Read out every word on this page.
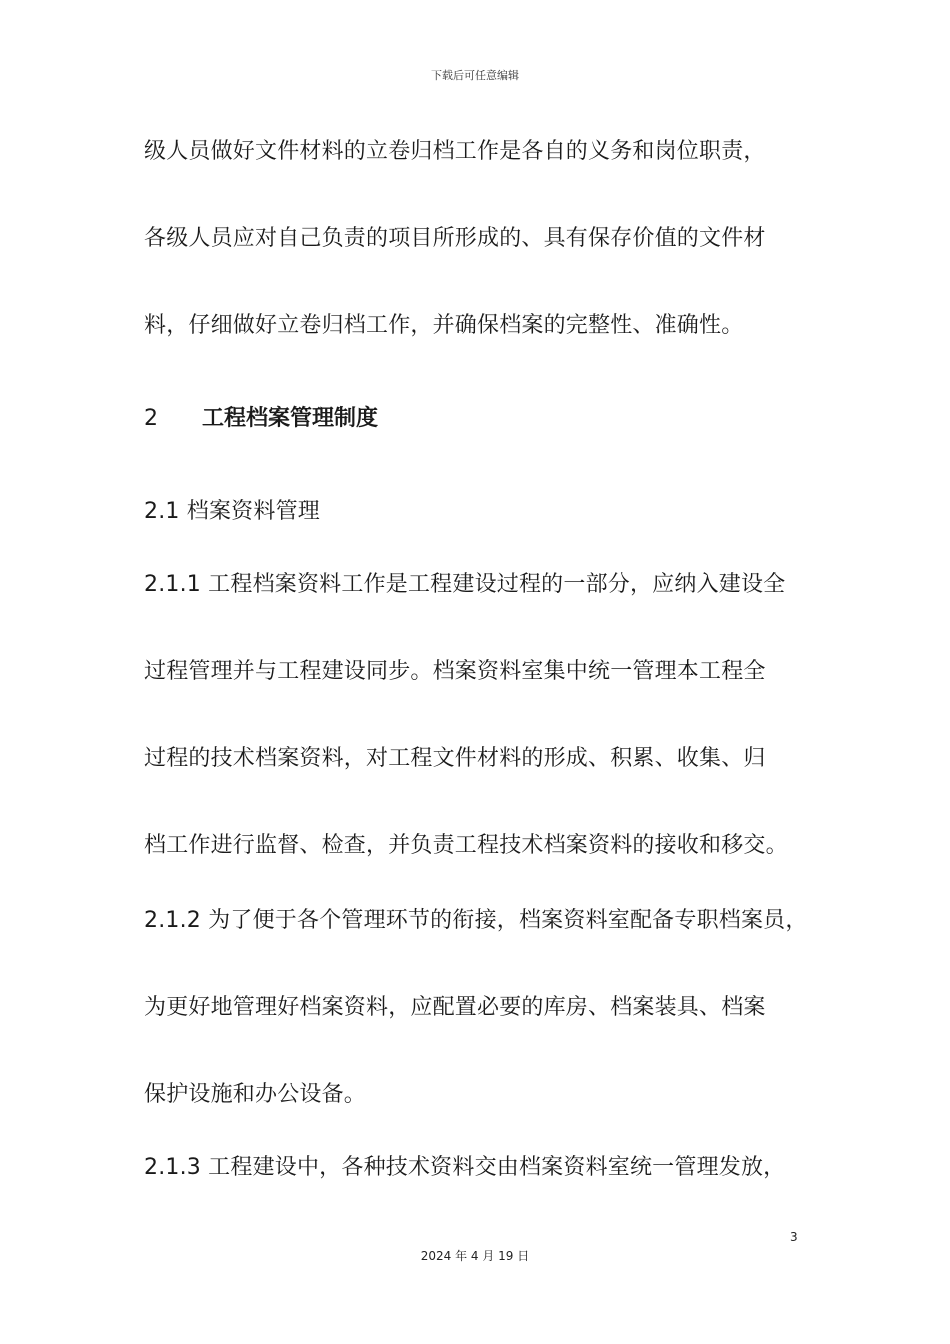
下载后可任意编辑
级人员做好文件材料的立卷归档工作是各自的义务和岗位职责，
各级人员应对自己负责的项目所形成的、具有保存价值的文件材
料，仔细做好立卷归档工作，并确保档案的完整性、准确性。
2 工程档案管理制度
2.1 档案资料管理
2.1.1 工程档案资料工作是工程建设过程的一部分，应纳入建设全
过程管理并与工程建设同步。档案资料室集中统一管理本工程全
过程的技术档案资料，对工程文件材料的形成、积累、收集、归
档工作进行监督、检查，并负责工程技术档案资料的接收和移交。
2.1.2 为了便于各个管理环节的衔接，档案资料室配备专职档案员，
为更好地管理好档案资料，应配置必要的库房、档案装具、档案
保护设施和办公设备。
2.1.3 工程建设中，各种技术资料交由档案资料室统一管理发放，
3
2024 年 4 月 19 日
